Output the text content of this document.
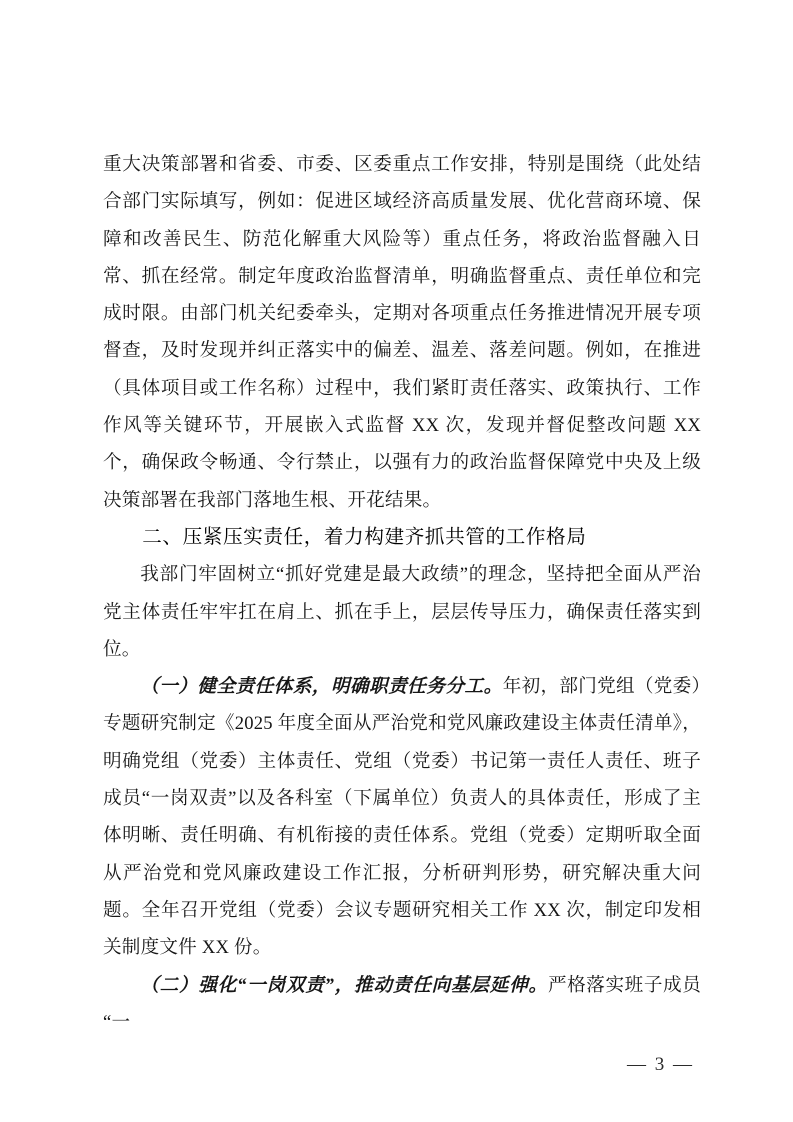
重大决策部署和省委、市委、区委重点工作安排，特别是围绕（此处结合部门实际填写，例如：促进区域经济高质量发展、优化营商环境、保障和改善民生、防范化解重大风险等）重点任务，将政治监督融入日常、抓在经常。制定年度政治监督清单，明确监督重点、责任单位和完成时限。由部门机关纪委牵头，定期对各项重点任务推进情况开展专项督查，及时发现并纠正落实中的偏差、温差、落差问题。例如，在推进（具体项目或工作名称）过程中，我们紧盯责任落实、政策执行、工作作风等关键环节，开展嵌入式监督 XX 次，发现并督促整改问题 XX 个，确保政令畅通、令行禁止，以强有力的政治监督保障党中央及上级决策部署在我部门落地生根、开花结果。

二、压紧压实责任，着力构建齐抓共管的工作格局

我部门牢固树立“抓好党建是最大政绩”的理念，坚持把全面从严治党主体责任牢牢扛在肩上、抓在手上，层层传导压力，确保责任落实到位。

（一）健全责任体系，明确职责任务分工。年初，部门党组（党委）专题研究制定《2025 年度全面从严治党和党风廉政建设主体责任清单》，明确党组（党委）主体责任、党组（党委）书记第一责任人责任、班子成员“一岗双责”以及各科室（下属单位）负责人的具体责任，形成了主体明晰、责任明确、有机衔接的责任体系。党组（党委）定期听取全面从严治党和党风廉政建设工作汇报，分析研判形势，研究解决重大问题。全年召开党组（党委）会议专题研究相关工作 XX 次，制定印发相关制度文件 XX 份。

（二）强化“一岗双责”，推动责任向基层延伸。严格落实班子成员“一

— 3 —
